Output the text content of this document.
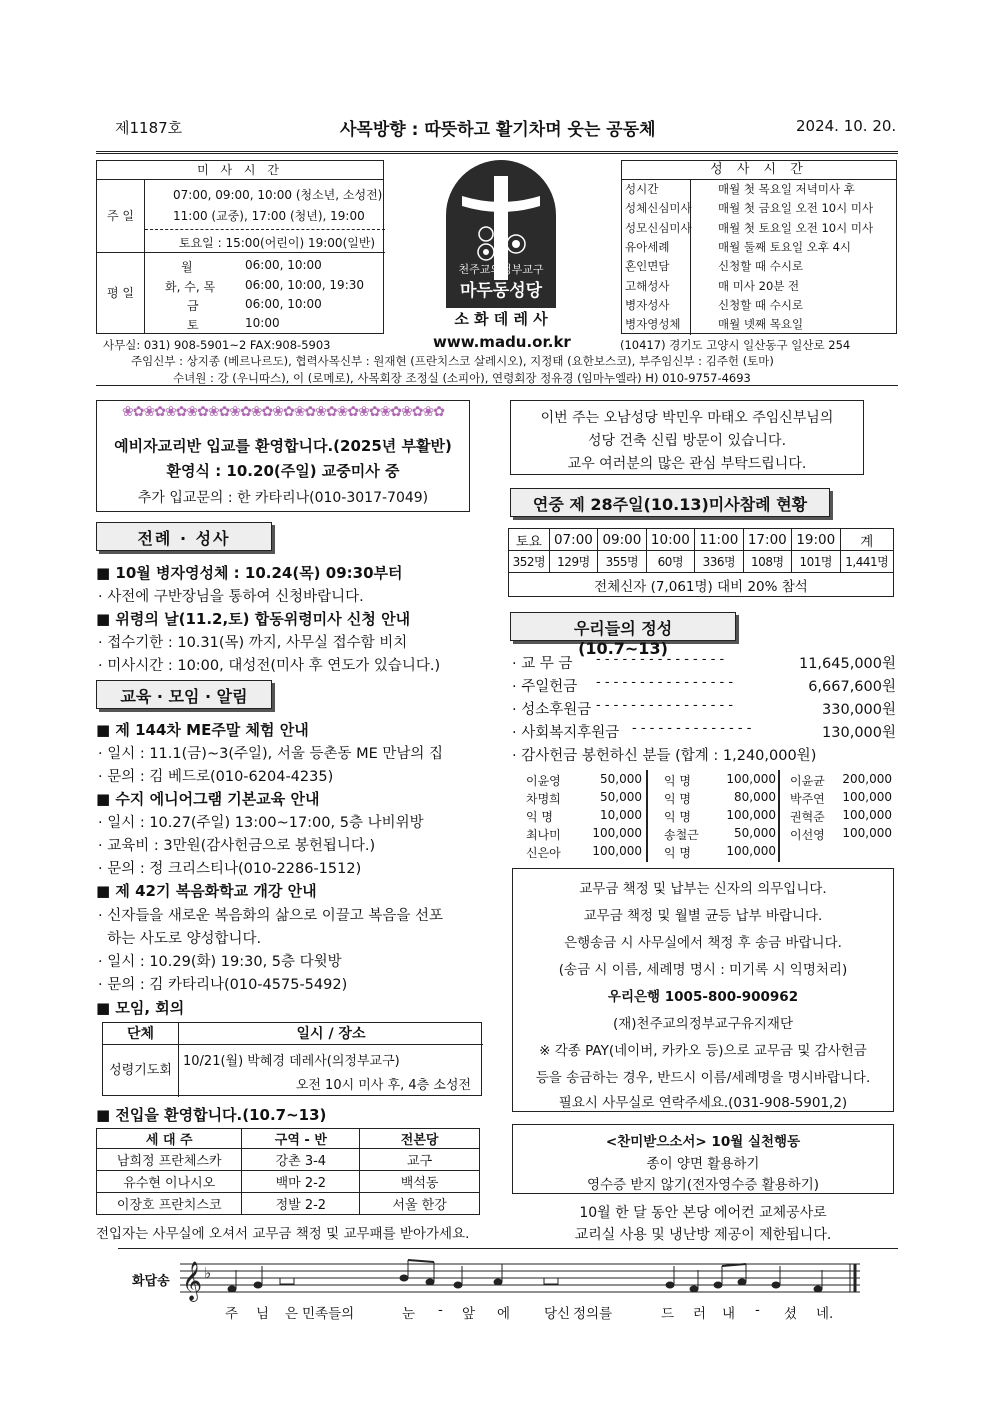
제1187호	사목방향 : 따뜻하고 활기차며 웃는 공동체	2024. 10. 20.
미 사 시 간
주 일
07:00, 09:00, 10:00 (청소년, 소성전)
11:00 (교중), 17:00 (청년), 19:00
토요일 : 15:00(어린이) 19:00(일반)
평 일
월	06:00, 10:00
화, 수, 목 06:00, 10:00, 19:30
금	06:00, 10:00
토	10:00
천주교의정부교구
마두동성당
소 화 데 레 사
성 사 시 간
성시간	매월 첫 목요일 저녁미사 후
성체신심미사 매월 첫 금요일 오전 10시 미사
성모신심미사 매월 첫 토요일 오전 10시 미사
유아세례	매월 둘째 토요일 오후 4시
혼인면담	신청할 때 수시로
고해성사	매 미사 20분 전
병자성사	신청할 때 수시로
병자영성체	매월 넷째 목요일
사무실: 031) 908-5901~2 FAX:908-5903	www.madu.or.kr	(10417) 경기도 고양시 일산동구 일산로 254
주임신부 : 상지종 (베르나르도), 협력사목신부 : 원재현 (프란치스코 살레시오), 지정태 (요한보스코), 부주임신부 : 김주헌 (토마)
수녀원 : 강 (우니따스), 이 (로메로), 사목회장 조정실 (소피아), 연령회장 정유경 (임마누엘라) H) 010-9757-4693
❀✿❀✿❀✿❀✿❀✿❀✿❀✿❀✿❀✿❀✿❀✿❀✿❀✿❀✿❀✿
예비자교리반 입교를 환영합니다.(2025년 부활반)
환영식 : 10.20(주일) 교중미사 중
추가 입교문의 : 한 카타리나(010-3017-7049)
이번 주는 오남성당 박민우 마태오 주임신부님의
성당 건축 신립 방문이 있습니다.
교우 여러분의 많은 관심 부탁드립니다.
전례 · 성사
■ 10월 병자영성체 : 10.24(목) 09:30부터
· 사전에 구반장님을 통하여 신청바랍니다.
■ 위령의 날(11.2,토) 합동위령미사 신청 안내
· 접수기한 : 10.31(목) 까지, 사무실 접수함 비치
· 미사시간 : 10:00, 대성전(미사 후 연도가 있습니다.)
교육 · 모임 · 알림
■ 제 144차 ME주말 체험 안내
· 일시 : 11.1(금)~3(주일), 서울 등촌동 ME 만남의 집
· 문의 : 김 베드로(010-6204-4235)
■ 수지 에니어그램 기본교육 안내
· 일시 : 10.27(주일) 13:00~17:00, 5층 나비위방
· 교육비 : 3만원(감사헌금으로 봉헌됩니다.)
· 문의 : 정 크리스티나(010-2286-1512)
■ 제 42기 복음화학교 개강 안내
· 신자들을 새로운 복음화의 삶으로 이끌고 복음을 선포
하는 사도로 양성합니다.
· 일시 : 10.29(화) 19:30, 5층 다윗방
· 문의 : 김 카타리나(010-4575-5492)
■ 모임, 회의
단체	일시 / 장소
성령기도회
10/21(월) 박혜경 데레사(의정부교구)
오전 10시 미사 후, 4층 소성전
■ 전입을 환영합니다.(10.7~13)
세 대 주	구역 - 반	전본당
남희정 프란체스카	강촌 3-4	교구
유수현 이나시오	백마 2-2	백석동
이장호 프란치스코	정발 2-2	서울 한강
전입자는 사무실에 오셔서 교무금 책정 및 교무패를 받아가세요.
연중 제 28주일(10.13)미사참례 현황
토요	07:00	09:00	10:00	11:00	17:00	19:00	계
352명	129명	355명	60명	336명	108명	101명	1,441명
전체신자 (7,061명) 대비 20% 참석							
우리들의 정성 (10.7~13)
· 교 무 금 - - - - - - - - - - - - - - -	11,645,000원
· 주일헌금 - - - - - - - - - - - - - - - -	6,667,600원
· 성소후원금 - - - - - - - - - - - - - - - -	330,000원
· 사회복지후원금 - - - - - - - - - - - - - -	130,000원
· 감사헌금 봉헌하신 분들 (합계 : 1,240,000원)
이윤영	50,000 익 명	100,000 이윤균 200,000
차명희	50,000 익 명	80,000 박주연 100,000
익 명	10,000 익 명	100,000 권혁준 100,000
최나미	100,000 송철근	50,000 이선영 100,000
신은아	100,000 익 명	100,000
교무금 책정 및 납부는 신자의 의무입니다.
교무금 책정 및 월별 균등 납부 바랍니다.
은행송금 시 사무실에서 책정 후 송금 바랍니다.
(송금 시 이름, 세례명 명시 : 미기록 시 익명처리)
우리은행 1005-800-900962
(재)천주교의정부교구유지재단
※ 각종 PAY(네이버, 카카오 등)으로 교무금 및 감사헌금
등을 송금하는 경우, 반드시 이름/세례명을 명시바랍니다.
필요시 사무실로 연락주세요.(031-908-5901,2)
<찬미받으소서> 10월 실천행동
종이 양면 활용하기
영수증 받지 않기(전자영수증 활용하기)
10월 한 달 동안 본당 에어컨 교체공사로
교리실 사용 및 냉난방 제공이 제한됩니다.
화답송 𝄞 ♭
주 님 은 민족들의	눈 - 앞 에	당신 정의를	드 러 내 - 셨 네.
